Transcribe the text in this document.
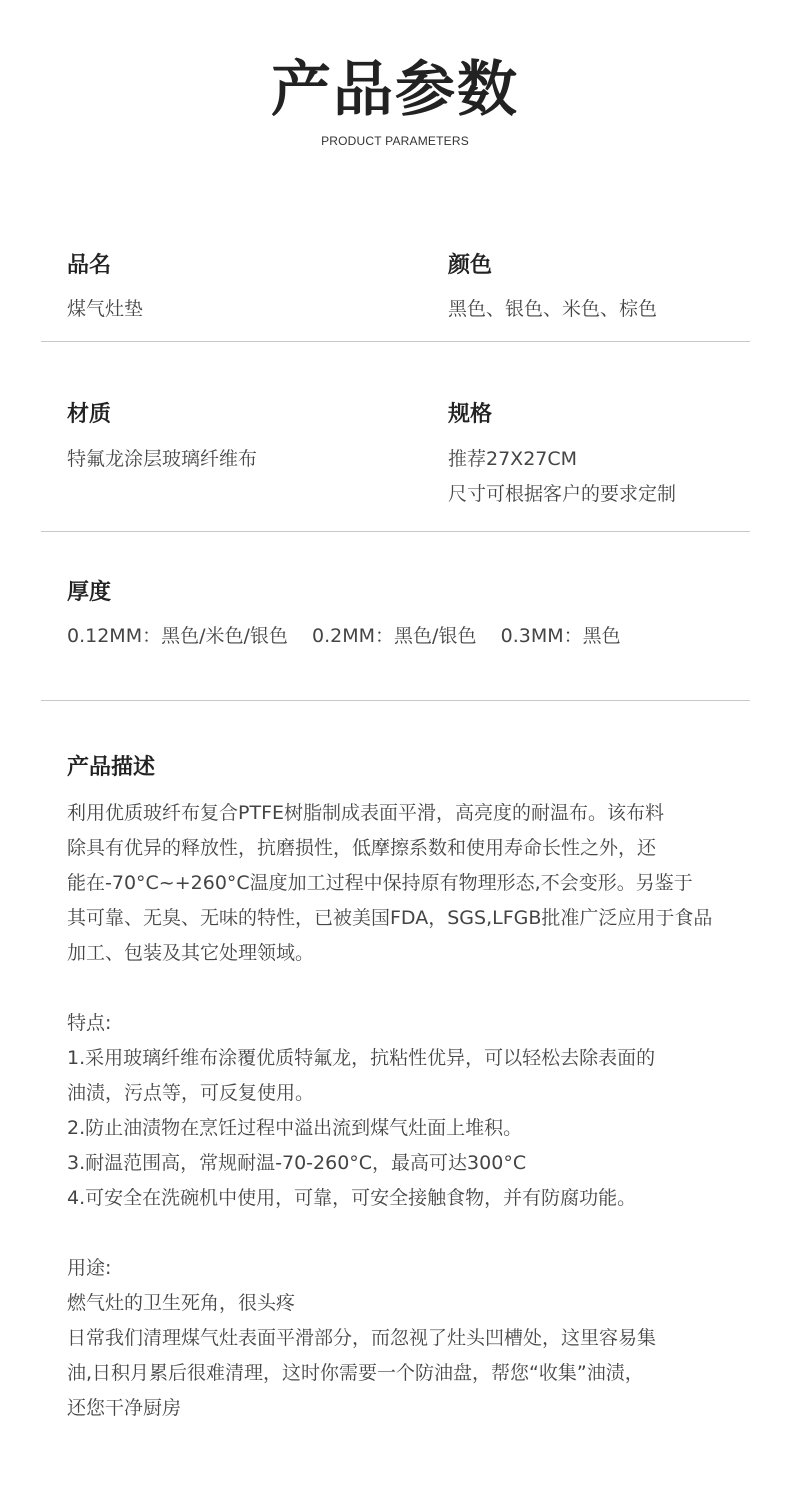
产品参数
PRODUCT PARAMETERS
品名
煤气灶垫
颜色
黑色、银色、米色、棕色
材质
特氟龙涂层玻璃纤维布
规格
推荐27X27CM
尺寸可根据客户的要求定制
厚度
0.12MM：黑色/米色/银色    0.2MM：黑色/银色    0.3MM：黑色
产品描述
利用优质玻纤布复合PTFE树脂制成表面平滑，高亮度的耐温布。该布料
除具有优异的释放性，抗磨损性，低摩擦系数和使用寿命长性之外，还
能在-70°C~+260°C温度加工过程中保持原有物理形态,不会变形。另鉴于
其可靠、无臭、无味的特性，已被美国FDA，SGS,LFGB批准广泛应用于食品
加工、包装及其它处理领域。
特点:
1.采用玻璃纤维布涂覆优质特氟龙，抗粘性优异，可以轻松去除表面的
油渍，污点等，可反复使用。
2.防止油渍物在烹饪过程中溢出流到煤气灶面上堆积。
3.耐温范围高，常规耐温-70-260°C，最高可达300°C
4.可安全在洗碗机中使用，可靠，可安全接触食物，并有防腐功能。
用途:
燃气灶的卫生死角，很头疼
日常我们清理煤气灶表面平滑部分，而忽视了灶头凹槽处，这里容易集
油,日积月累后很难清理，这时你需要一个防油盘，帮您“收集”油渍，
还您干净厨房
